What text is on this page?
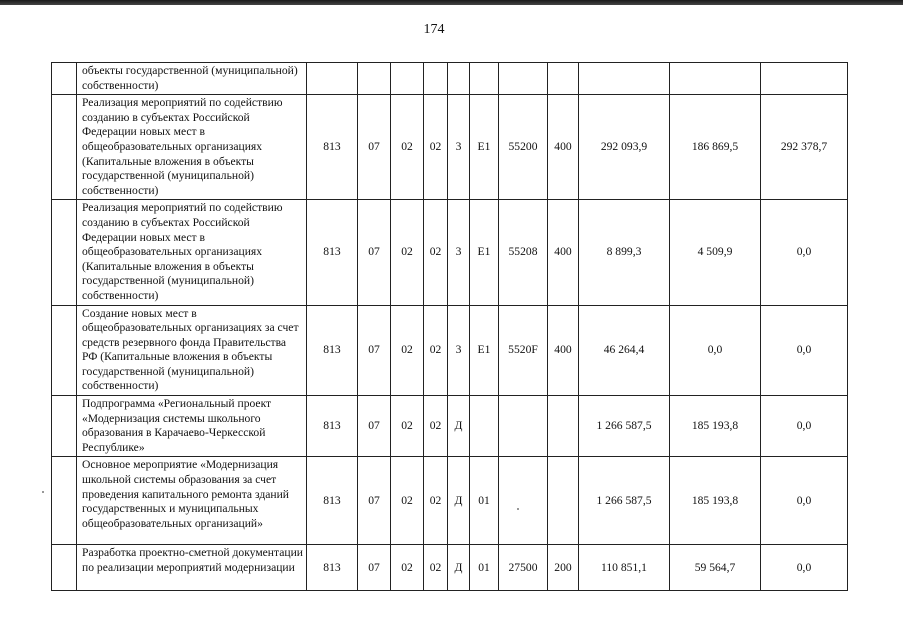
174
	объекты государственной (муниципальной) собственности)											
	Реализация мероприятий по содействию созданию в субъектах Российской Федерации новых мест в общеобразовательных организациях (Капитальные вложения в объекты государственной (муниципальной) собственности)	813	07	02	02	3	E1	55200	400	292 093,9	186 869,5	292 378,7
	Реализация мероприятий по содействию созданию в субъектах Российской Федерации новых мест в общеобразовательных организациях (Капитальные вложения в объекты государственной (муниципальной) собственности)	813	07	02	02	3	E1	55208	400	8 899,3	4 509,9	0,0
	Создание новых мест в общеобразовательных организациях за счет средств резервного фонда Правительства РФ (Капитальные вложения в объекты государственной (муниципальной) собственности)	813	07	02	02	3	E1	5520F	400	46 264,4	0,0	0,0
	Подпрограмма «Региональный проект «Модернизация системы школьного образования в Карачаево-Черкесской Республике»	813	07	02	02	Д				1 266 587,5	185 193,8	0,0
	Основное мероприятие «Модернизация школьной системы образования за счет проведения капитального ремонта зданий государственных и муниципальных общеобразовательных организаций»	813	07	02	02	Д	01			1 266 587,5	185 193,8	0,0
	Разработка проектно-сметной документации по реализации мероприятий модернизации	813	07	02	02	Д	01	27500	200	110 851,1	59 564,7	0,0
